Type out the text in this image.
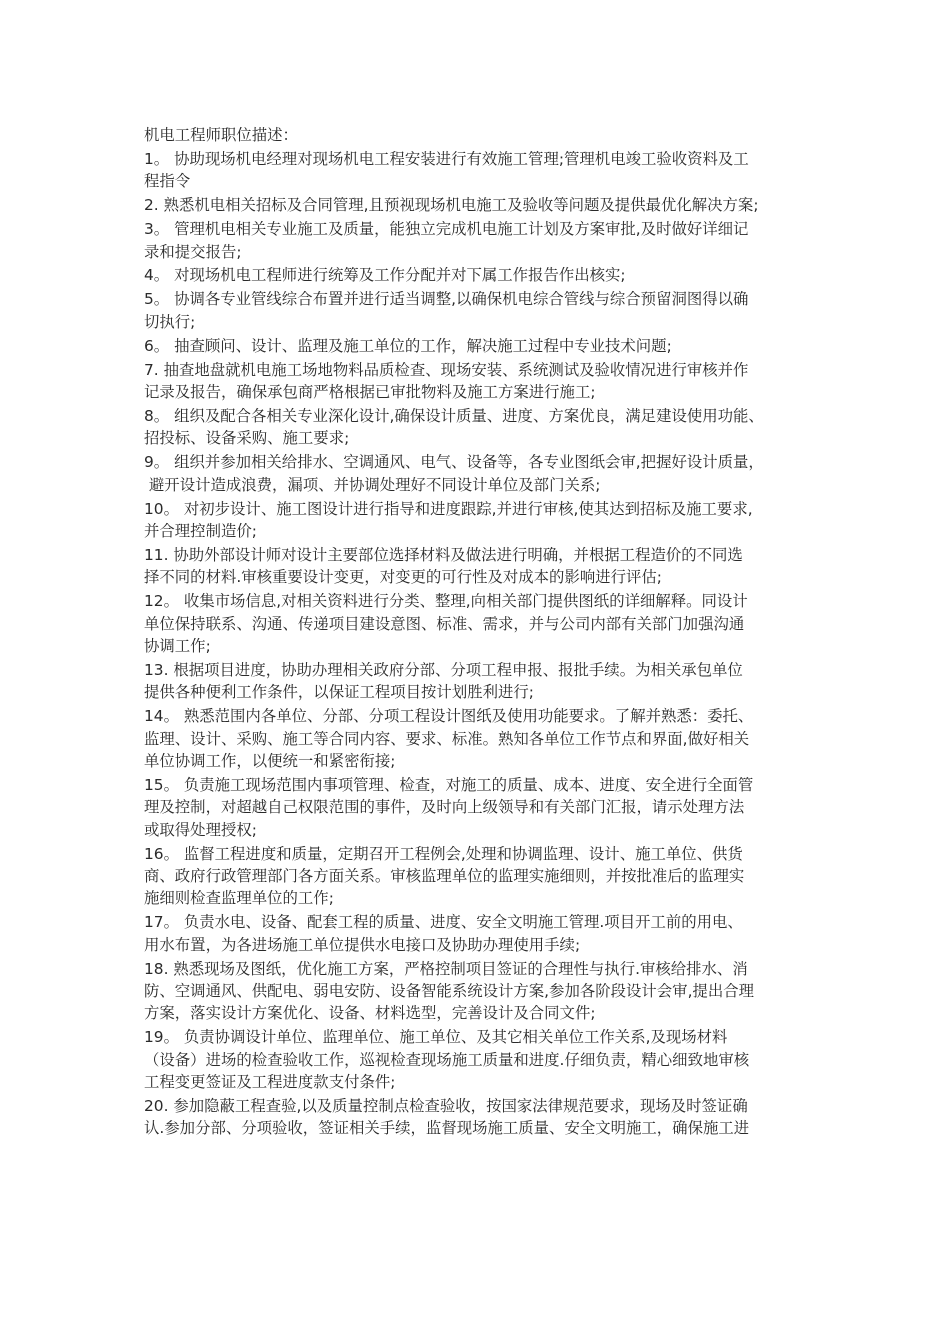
机电工程师职位描述：
1。 协助现场机电经理对现场机电工程安装进行有效施工管理;管理机电竣工验收资料及工
程指令
2. 熟悉机电相关招标及合同管理,且预视现场机电施工及验收等问题及提供最优化解决方案;
3。 管理机电相关专业施工及质量，能独立完成机电施工计划及方案审批,及时做好详细记
录和提交报告;
4。 对现场机电工程师进行统筹及工作分配并对下属工作报告作出核实;
5。 协调各专业管线综合布置并进行适当调整,以确保机电综合管线与综合预留洞图得以确
切执行;
6。 抽查顾问、设计、监理及施工单位的工作，解决施工过程中专业技术问题;
7. 抽查地盘就机电施工场地物料品质检查、现场安装、系统测试及验收情况进行审核并作
记录及报告，确保承包商严格根据已审批物料及施工方案进行施工;
8。 组织及配合各相关专业深化设计,确保设计质量、进度、方案优良，满足建设使用功能、
招投标、设备采购、施工要求;
9。 组织并参加相关给排水、空调通风、电气、设备等，各专业图纸会审,把握好设计质量，
避开设计造成浪费，漏项、并协调处理好不同设计单位及部门关系;
10。 对初步设计、施工图设计进行指导和进度跟踪,并进行审核,使其达到招标及施工要求,
并合理控制造价;
11. 协助外部设计师对设计主要部位选择材料及做法进行明确，并根据工程造价的不同选
择不同的材料.审核重要设计变更，对变更的可行性及对成本的影响进行评估;
12。 收集市场信息,对相关资料进行分类、整理,向相关部门提供图纸的详细解释。同设计
单位保持联系、沟通、传递项目建设意图、标准、需求，并与公司内部有关部门加强沟通
协调工作;
13. 根据项目进度，协助办理相关政府分部、分项工程申报、报批手续。为相关承包单位
提供各种便利工作条件，以保证工程项目按计划胜利进行;
14。 熟悉范围内各单位、分部、分项工程设计图纸及使用功能要求。了解并熟悉：委托、
监理、设计、采购、施工等合同内容、要求、标准。熟知各单位工作节点和界面,做好相关
单位协调工作，以便统一和紧密衔接;
15。 负责施工现场范围内事项管理、检查，对施工的质量、成本、进度、安全进行全面管
理及控制，对超越自己权限范围的事件，及时向上级领导和有关部门汇报，请示处理方法
或取得处理授权;
16。 监督工程进度和质量，定期召开工程例会,处理和协调监理、设计、施工单位、供货
商、政府行政管理部门各方面关系。审核监理单位的监理实施细则，并按批准后的监理实
施细则检查监理单位的工作;
17。 负责水电、设备、配套工程的质量、进度、安全文明施工管理.项目开工前的用电、
用水布置，为各进场施工单位提供水电接口及协助办理使用手续;
18. 熟悉现场及图纸，优化施工方案，严格控制项目签证的合理性与执行.审核给排水、消
防、空调通风、供配电、弱电安防、设备智能系统设计方案,参加各阶段设计会审,提出合理
方案，落实设计方案优化、设备、材料选型，完善设计及合同文件;
19。 负责协调设计单位、监理单位、施工单位、及其它相关单位工作关系,及现场材料
（设备）进场的检查验收工作，巡视检查现场施工质量和进度.仔细负责，精心细致地审核
工程变更签证及工程进度款支付条件;
20. 参加隐蔽工程查验,以及质量控制点检查验收，按国家法律规范要求，现场及时签证确
认.参加分部、分项验收，签证相关手续，监督现场施工质量、安全文明施工，确保施工进
